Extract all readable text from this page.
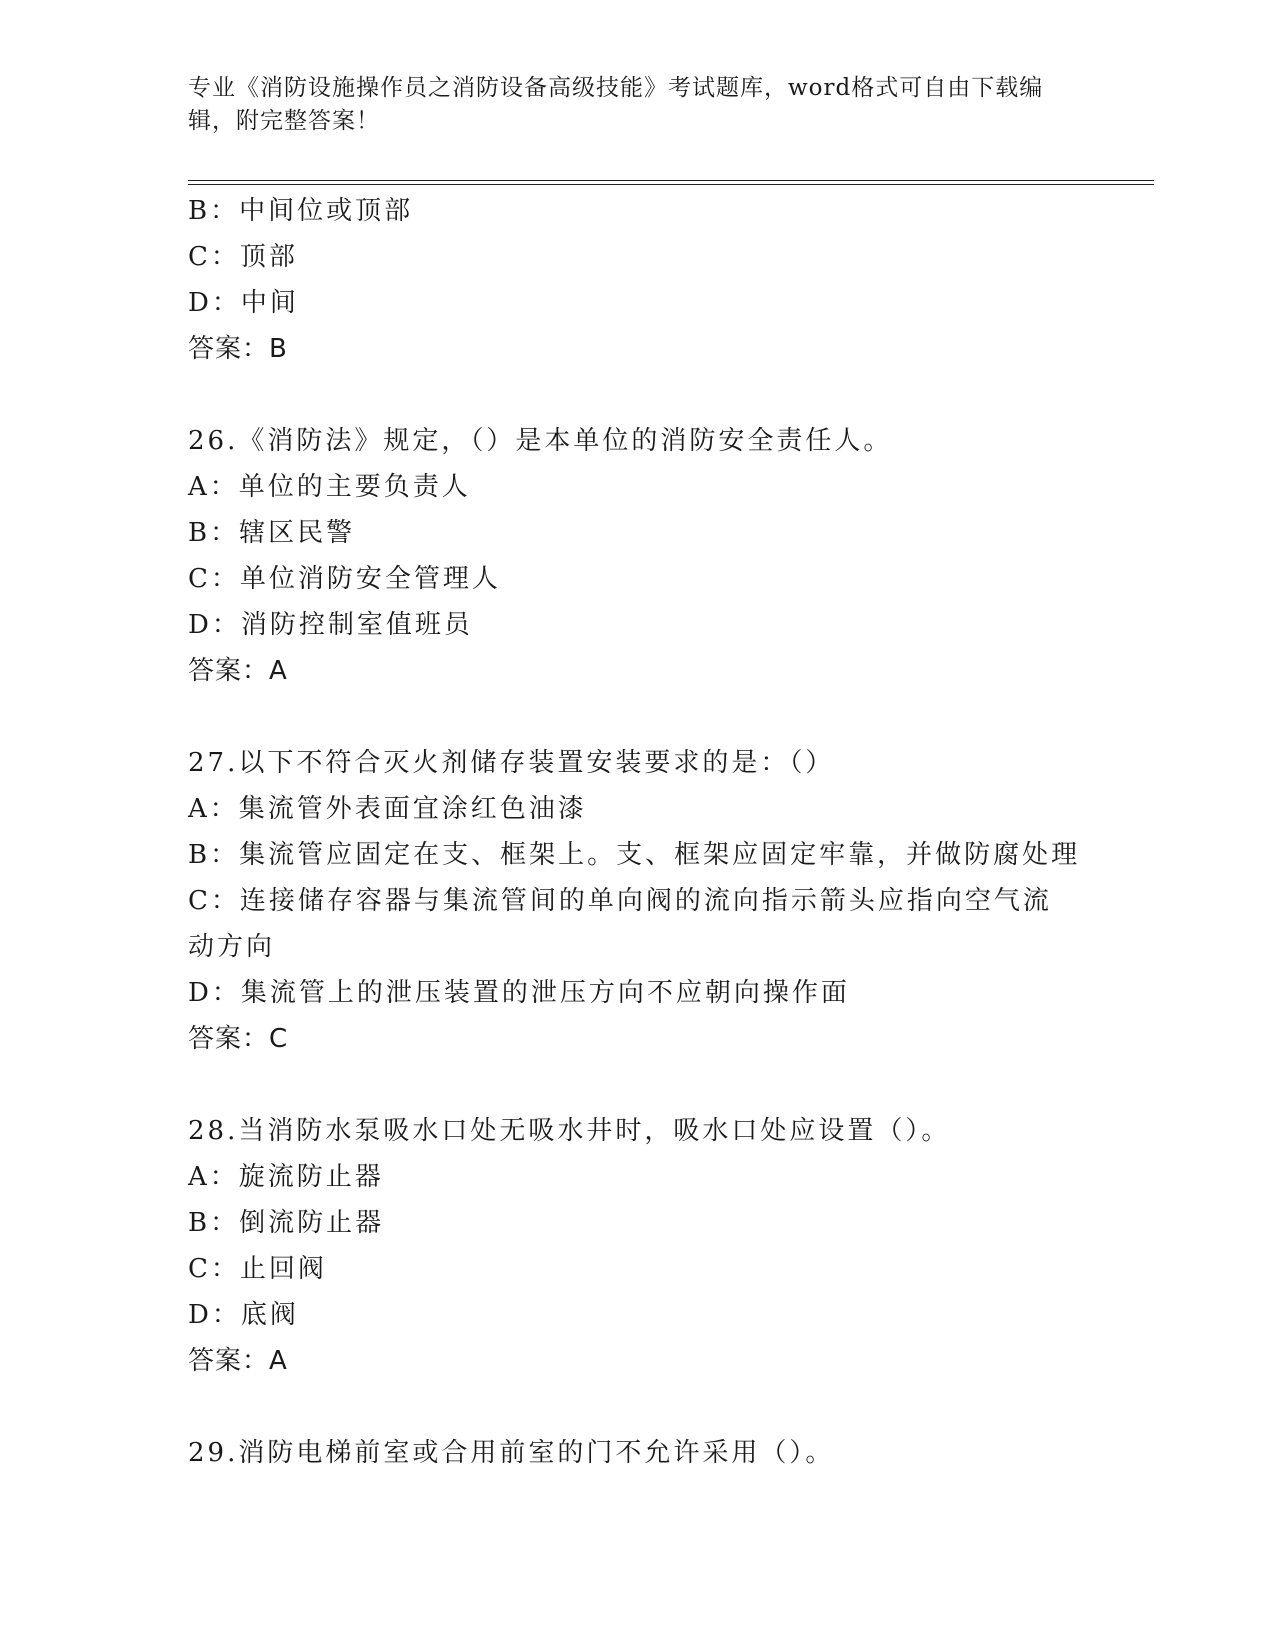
专业《消防设施操作员之消防设备高级技能》考试题库，word格式可自由下载编辑，附完整答案！
B：中间位或顶部
C：顶部
D：中间
答案：B
26.《消防法》规定，（）是本单位的消防安全责任人。
A：单位的主要负责人
B：辖区民警
C：单位消防安全管理人
D：消防控制室值班员
答案：A
27.以下不符合灭火剂储存装置安装要求的是：（）
A：集流管外表面宜涂红色油漆
B：集流管应固定在支、框架上。支、框架应固定牢靠，并做防腐处理
C：连接储存容器与集流管间的单向阀的流向指示箭头应指向空气流动方向
D：集流管上的泄压装置的泄压方向不应朝向操作面
答案：C
28.当消防水泵吸水口处无吸水井时，吸水口处应设置（）。
A：旋流防止器
B：倒流防止器
C：止回阀
D：底阀
答案：A
29.消防电梯前室或合用前室的门不允许采用（）。
